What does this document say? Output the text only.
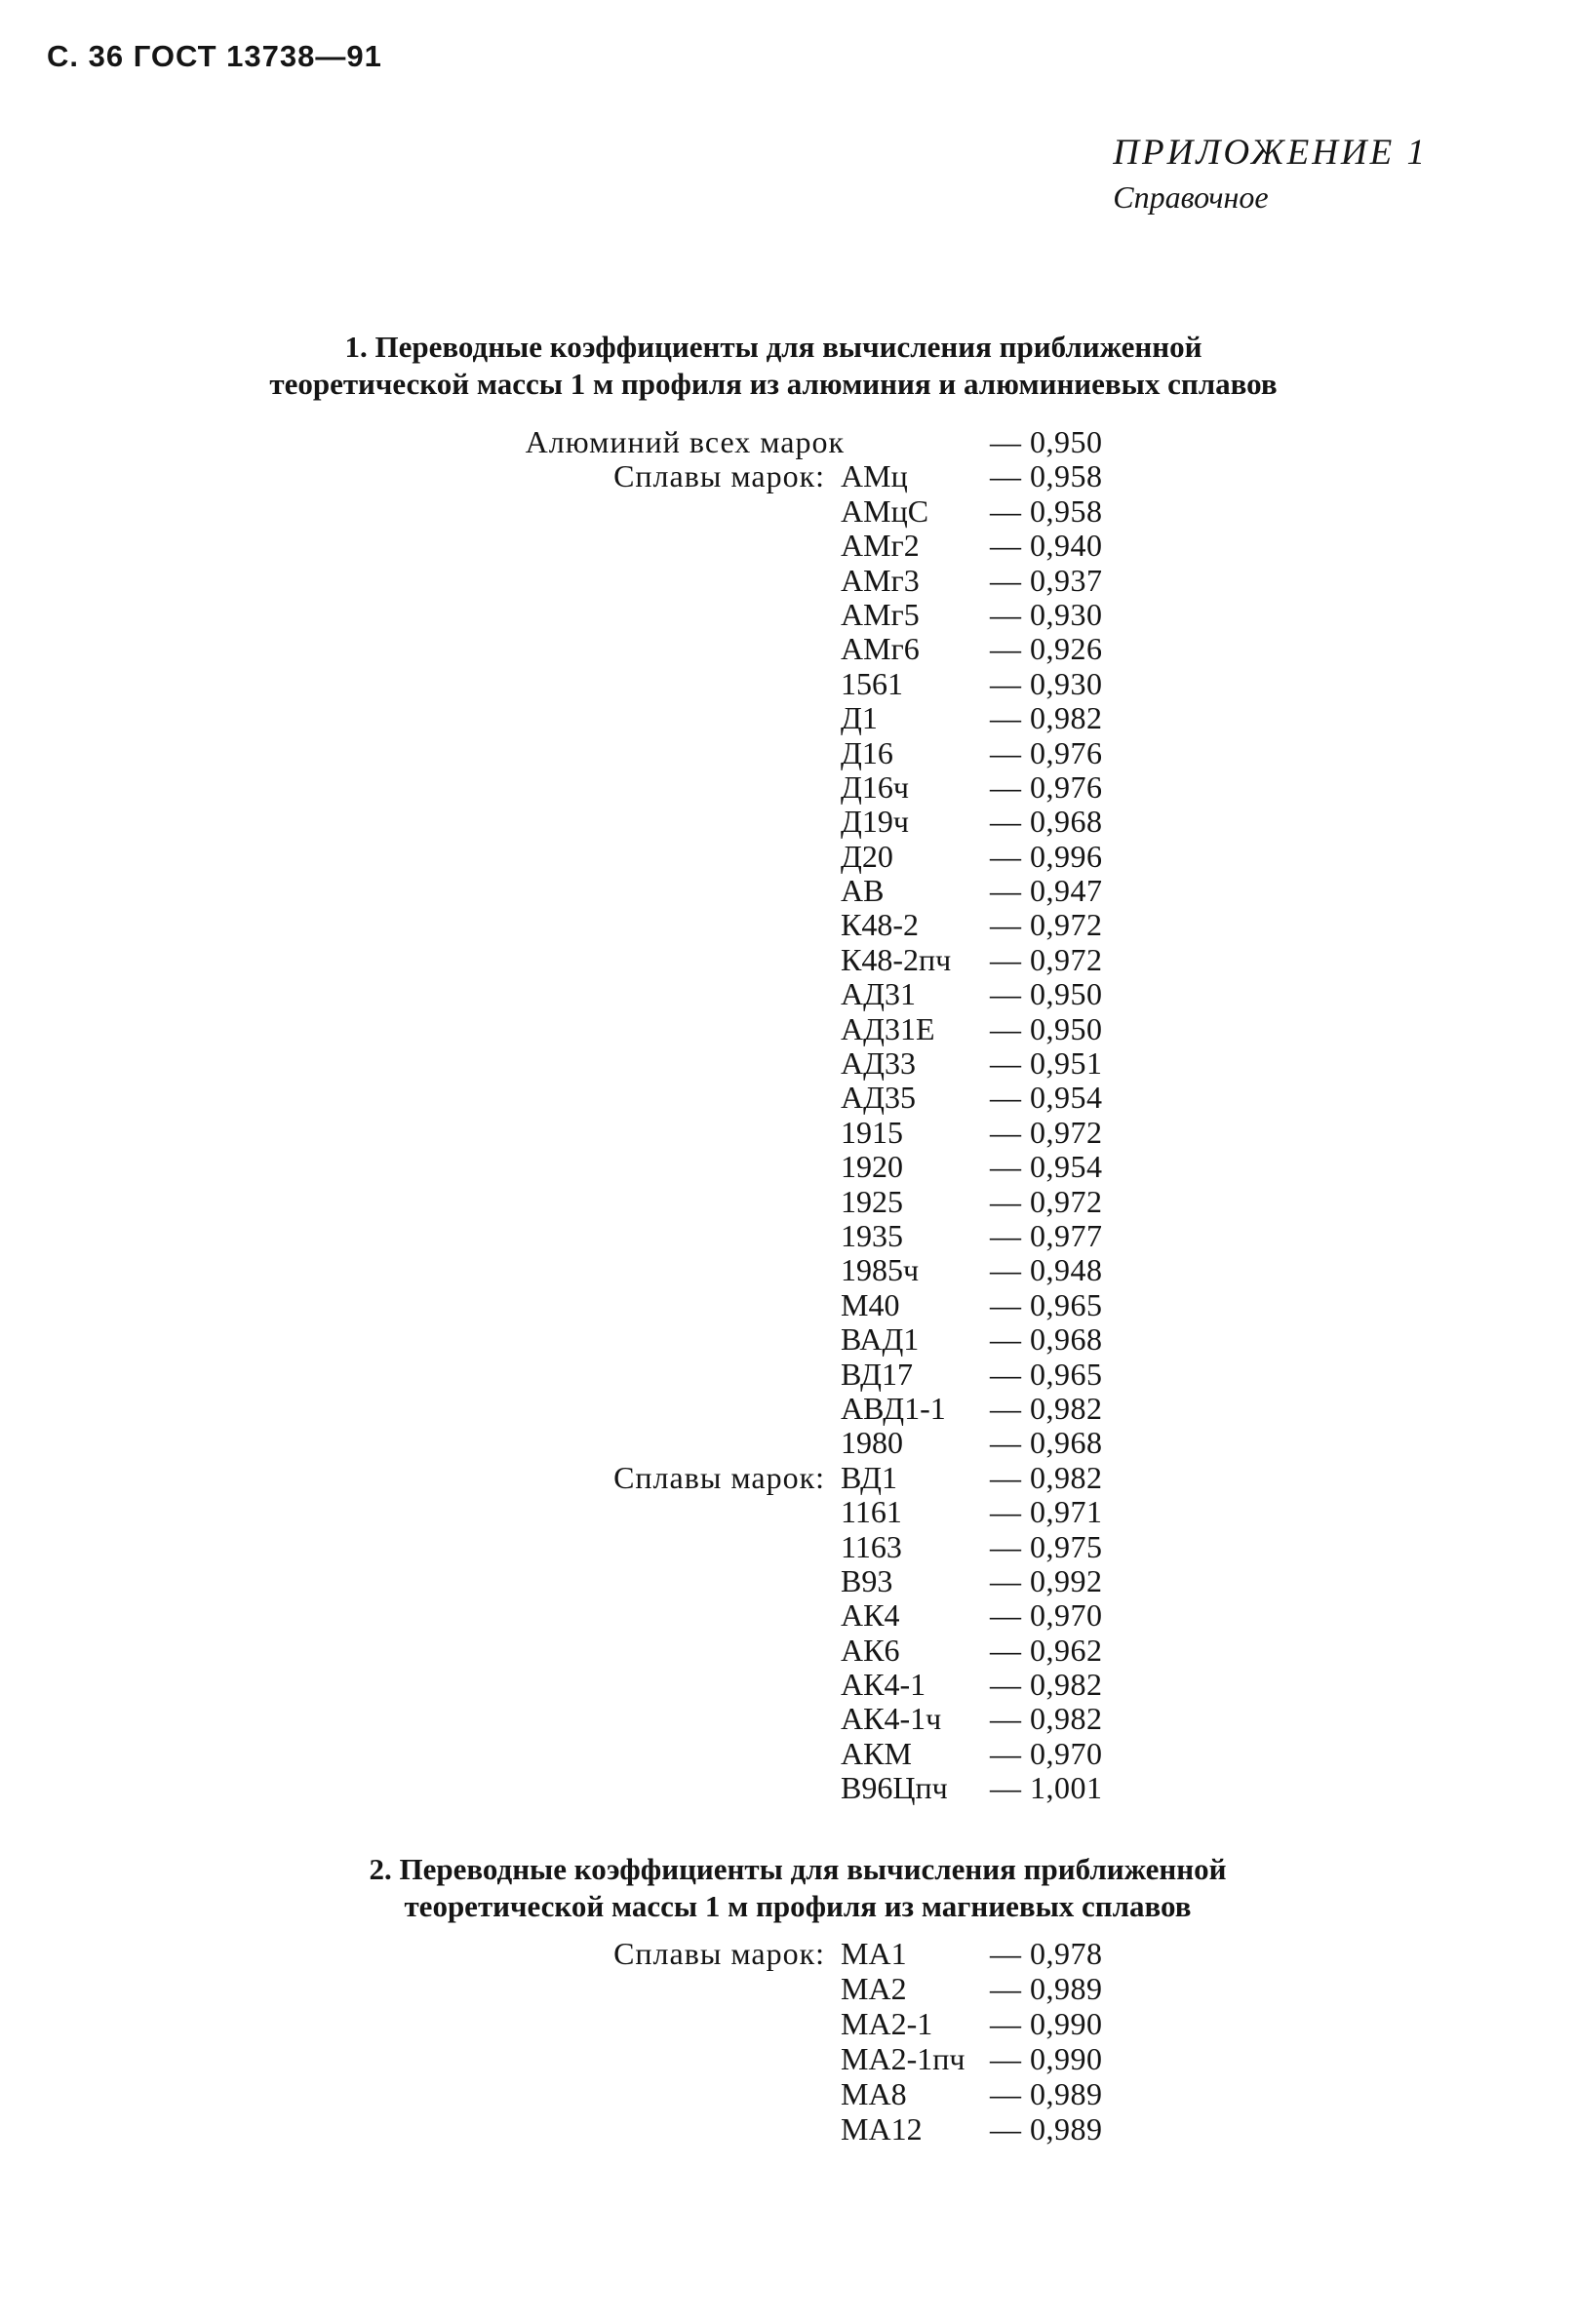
С. 36 ГОСТ 13738—91
ПРИЛОЖЕНИЕ 1
Справочное
1. Переводные коэффициенты для вычисления приближенной
теоретической массы 1 м профиля из алюминия и алюминиевых сплавов
Алюминий всех марок	— 0,950
Сплавы марок: АМц	— 0,958
АМцС — 0,958
АМг2 — 0,940
АМг3 — 0,937
АМг5 — 0,930
АМг6 — 0,926
1561	— 0,930
Д1	— 0,982
Д16	— 0,976
Д16ч	— 0,976
Д19ч	— 0,968
Д20	— 0,996
АВ	— 0,947
К48-2 — 0,972
К48-2пч — 0,972
АД31 — 0,950
АД31Е — 0,950
АД33 — 0,951
АД35 — 0,954
1915	— 0,972
1920	— 0,954
1925	— 0,972
1935	— 0,977
1985ч — 0,948
М40	— 0,965
ВАД1 — 0,968
ВД17 — 0,965
АВД1-1 — 0,982
1980	— 0,968
Сплавы марок: ВД1	— 0,982
1161	— 0,971
1163	— 0,975
В93	— 0,992
АК4	— 0,970
АК6	— 0,962
АК4-1 — 0,982
АК4-1ч — 0,982
АКМ	— 0,970
В96Цпч — 1,001
2. Переводные коэффициенты для вычисления приближенной
теоретической массы 1 м профиля из магниевых сплавов
Сплавы марок: МА1	— 0,978
МА2	— 0,989
МА2-1 — 0,990
МА2-1пч — 0,990
МА8	— 0,989
МА12 — 0,989
